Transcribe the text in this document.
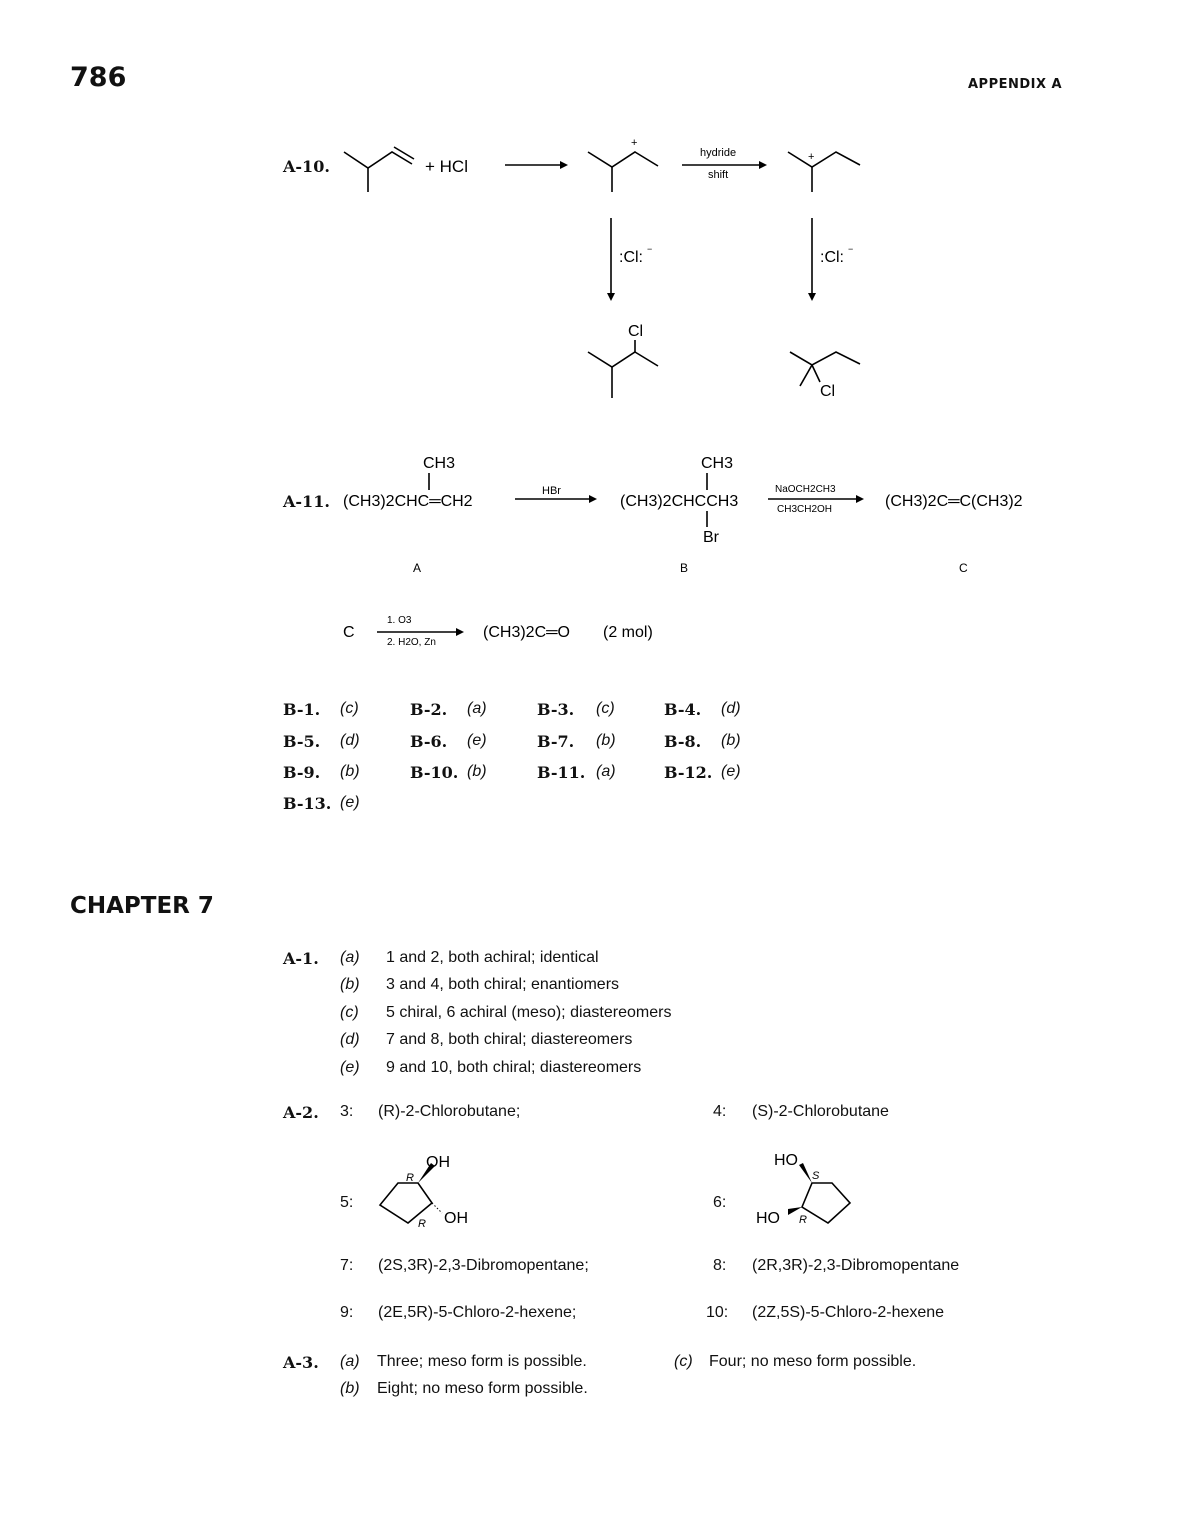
786	APPENDIX A
A-10.	+ HCl
+
hydride
shift
+
:Cl: −	:Cl: −
Cl
Cl
A-11.
CH3
(CH3)2CHC═CH2
HBr
CH3
(CH3)2CHCCH3
Br
NaOCH2CH3
CH3CH2OH	(CH3)2C═C(CH3)2
A	B	C
C
1. O3
2. H2O, Zn
(CH3)2C═O (2 mol)
B-1. (c)	B-2. (a)	B-3. (c)	B-4. (d)
B-5. (d)	B-6. (e)	B-7. (b)	B-8. (b)
B-9. (b)	B-10. (b)	B-11. (a)	B-12. (e)
B-13. (e)
CHAPTER 7
A-1. (a) 1 and 2, both achiral; identical
(b) 3 and 4, both chiral; enantiomers
(c) 5 chiral, 6 achiral (meso); diastereomers
(d) 7 and 8, both chiral; diastereomers
(e) 9 and 10, both chiral; diastereomers
A-2. 3: (R)-2-Chlorobutane;	4: (S)-2-Chlorobutane
5:
OH
R
OH
R
6:
HO
S
HO R
7: (2S,3R)-2,3-Dibromopentane;	8: (2R,3R)-2,3-Dibromopentane
9: (2E,5R)-5-Chloro-2-hexene;	10: (2Z,5S)-5-Chloro-2-hexene
A-3. (a) Three; meso form is possible.	(c) Four; no meso form possible.
(b) Eight; no meso form possible.
